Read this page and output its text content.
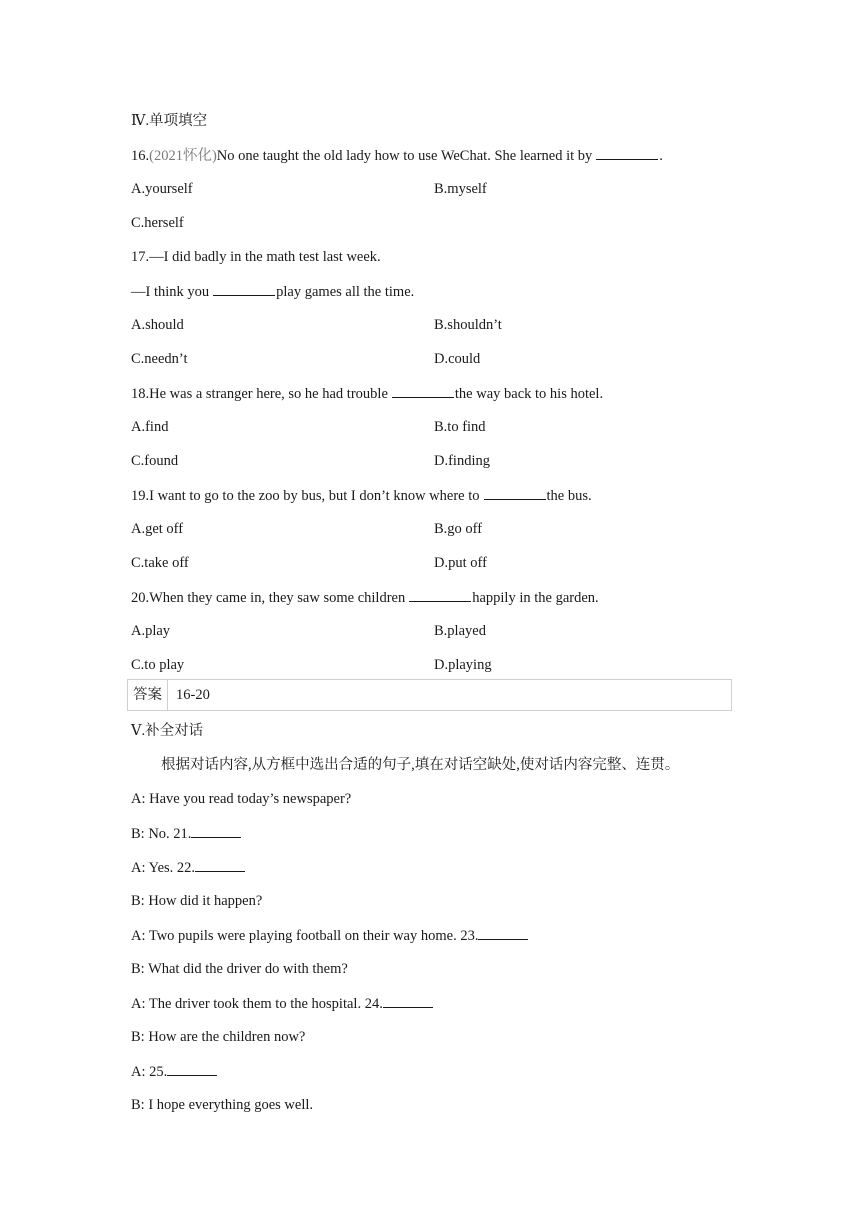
Ⅳ.单项填空
16.(2021怀化)No one taught the old lady how to use WeChat. She learned it by	.
A.yourself	B.myself
C.herself
17.—I did badly in the math test last week.
—I think you	play games all the time.
A.should	B.shouldn’t
C.needn’t	D.could
18.He was a stranger here, so he had trouble	the way back to his hotel.
A.find	B.to find
C.found	D.finding
19.I want to go to the zoo by bus, but I don’t know where to	the bus.
A.get off	B.go off
C.take off	D.put off
20.When they came in, they saw some children	happily in the garden.
A.play	B.played
C.to play	D.playing
答案 16-20
Ⅴ.补全对话
根据对话内容,从方框中选出合适的句子,填在对话空缺处,使对话内容完整、连贯。
A: Have you read today’s newspaper?
B: No. 21.
A: Yes. 22.
B: How did it happen?
A: Two pupils were playing football on their way home. 23.
B: What did the driver do with them?
A: The driver took them to the hospital. 24.
B: How are the children now?
A: 25.
B: I hope everything goes well.
